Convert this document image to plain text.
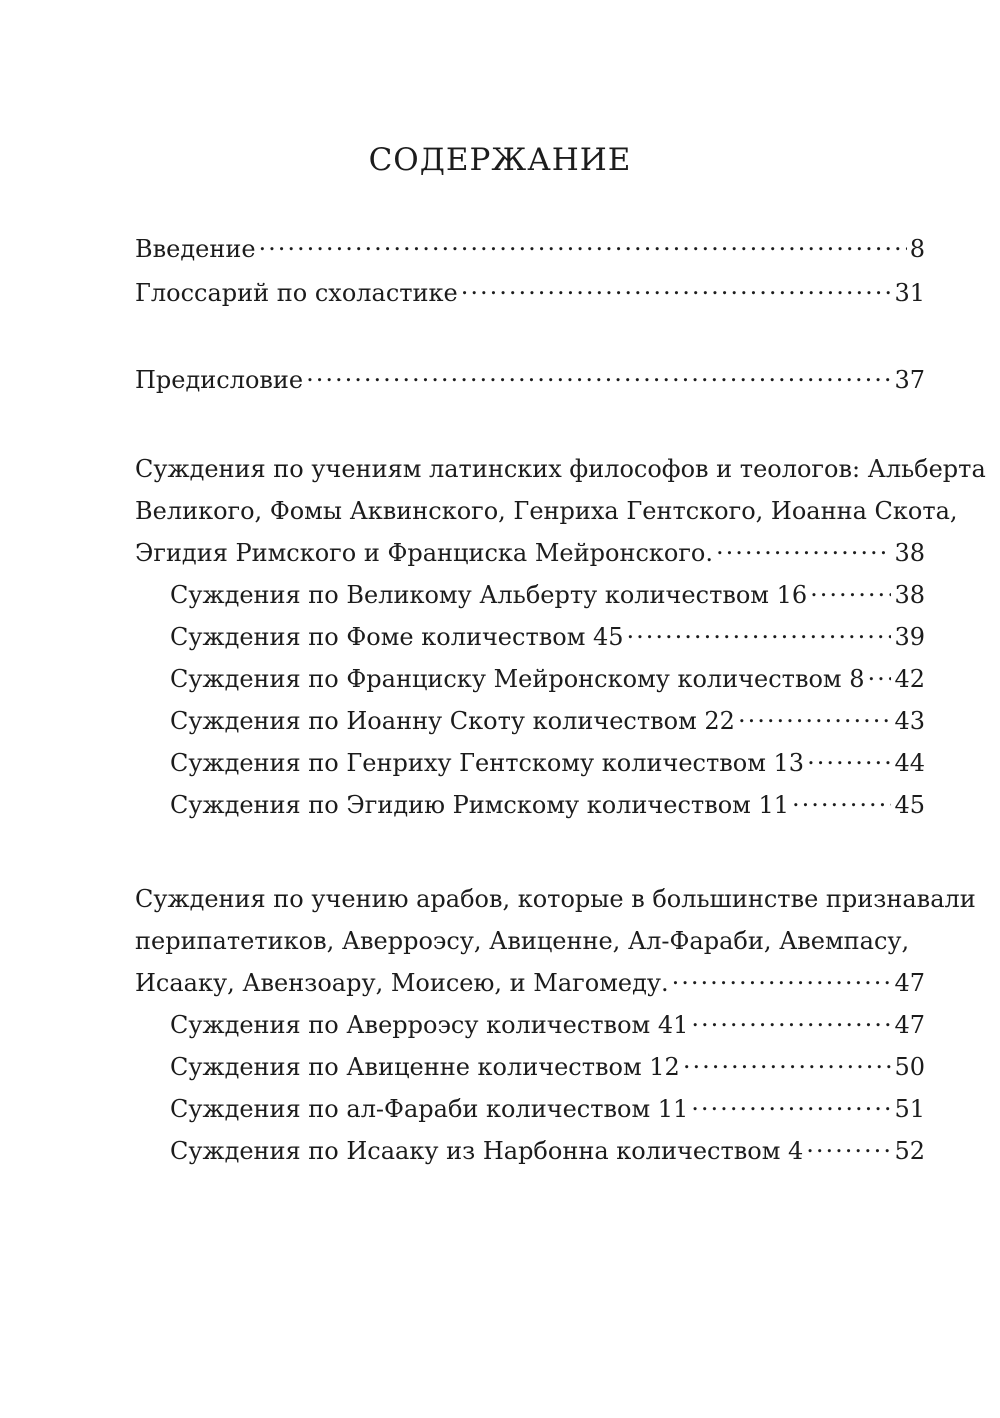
СОДЕРЖАНИЕ
Введение .....	8
Глоссарий по схоластике .....	31
Предисловие .....	37
Суждения по учениям латинских философов и теологов: Альберта
Великого, Фомы Аквинского, Генриха Гентского, Иоанна Скота,
Эгидия Римского и Франциска Мейронского. .....	38
Суждения по Великому Альберту количеством 16 .....	38
Суждения по Фоме количеством 45 .....	39
Суждения по Франциску Мейронскому количеством 8 ..... 42
Суждения по Иоанну Скоту количеством 22 .....	43
Суждения по Генриху Гентскому количеством 13 .....	44
Суждения по Эгидию Римскому количеством 11 .....	45
Суждения по учению арабов, которые в большинстве признавали
перипатетиков, Аверроэсу, Авиценне, Ал-Фараби, Авемпасу,
Исааку, Авензоару, Моисею, и Магомеду. .....	47
Суждения по Аверроэсу количеством 41 .....	47
Суждения по Авиценне количеством 12 .....	50
Суждения по ал-Фараби количеством 11 .....	51
Суждения по Исааку из Нарбонна количеством 4 .....	52
